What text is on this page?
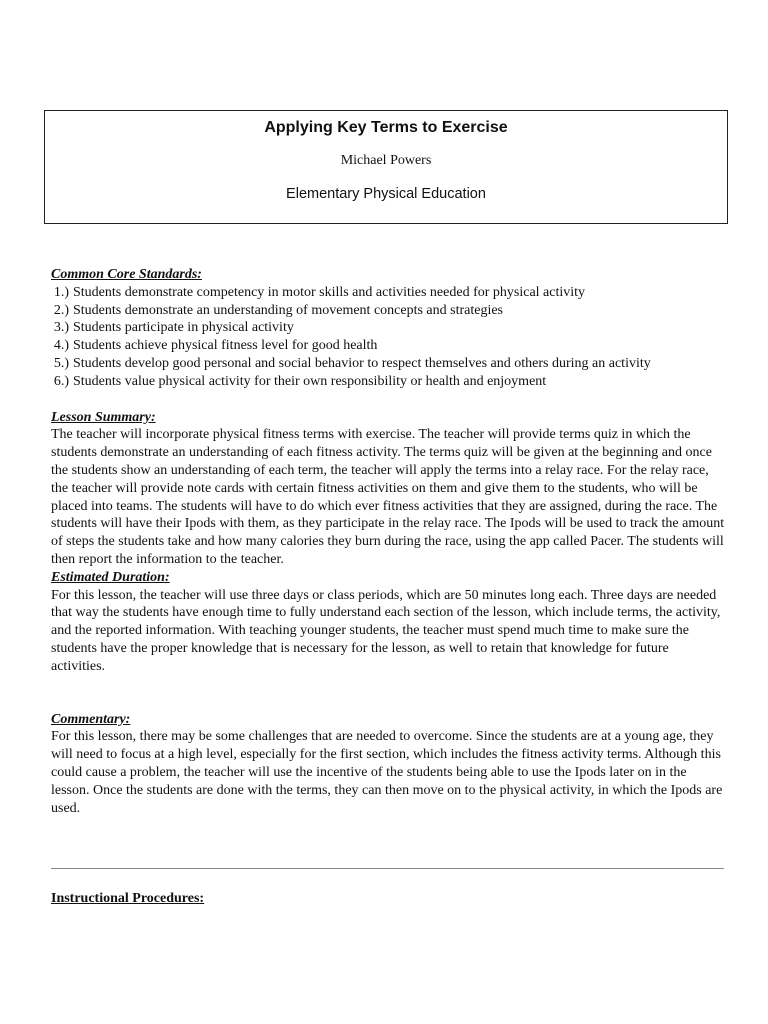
Applying Key Terms to Exercise
Michael Powers
Elementary Physical Education
Common Core Standards:
1.) Students demonstrate competency in motor skills and activities needed for physical activity
2.) Students demonstrate an understanding of movement concepts and strategies
3.) Students participate in physical activity
4.) Students achieve physical fitness level for good health
5.) Students develop good personal and social behavior to respect themselves and others during an activity
6.) Students value physical activity for their own responsibility or health and enjoyment
Lesson Summary:
The teacher will incorporate physical fitness terms with exercise. The teacher will provide terms quiz in which the students demonstrate an understanding of each fitness activity. The terms quiz will be given at the beginning and once the students show an understanding of each term, the teacher will apply the terms into a relay race. For the relay race, the teacher will provide note cards with certain fitness activities on them and give them to the students, who will be placed into teams. The students will have to do which ever fitness activities that they are assigned, during the race. The students will have their Ipods with them, as they participate in the relay race. The Ipods will be used to track the amount of steps the students take and how many calories they burn during the race, using the app called Pacer. The students will then report the information to the teacher.
Estimated Duration:
For this lesson, the teacher will use three days or class periods, which are 50 minutes long each. Three days are needed that way the students have enough time to fully understand each section of the lesson, which include terms, the activity, and the reported information. With teaching younger students, the teacher must spend much time to make sure the students have the proper knowledge that is necessary for the lesson, as well to retain that knowledge for future activities.
Commentary:
For this lesson, there may be some challenges that are needed to overcome. Since the students are at a young age, they will need to focus at a high level, especially for the first section, which includes the fitness activity terms. Although this could cause a problem, the teacher will use the incentive of the students being able to use the Ipods later on in the lesson. Once the students are done with the terms, they can then move on to the physical activity, in which the Ipods are used.
Instructional Procedures:
